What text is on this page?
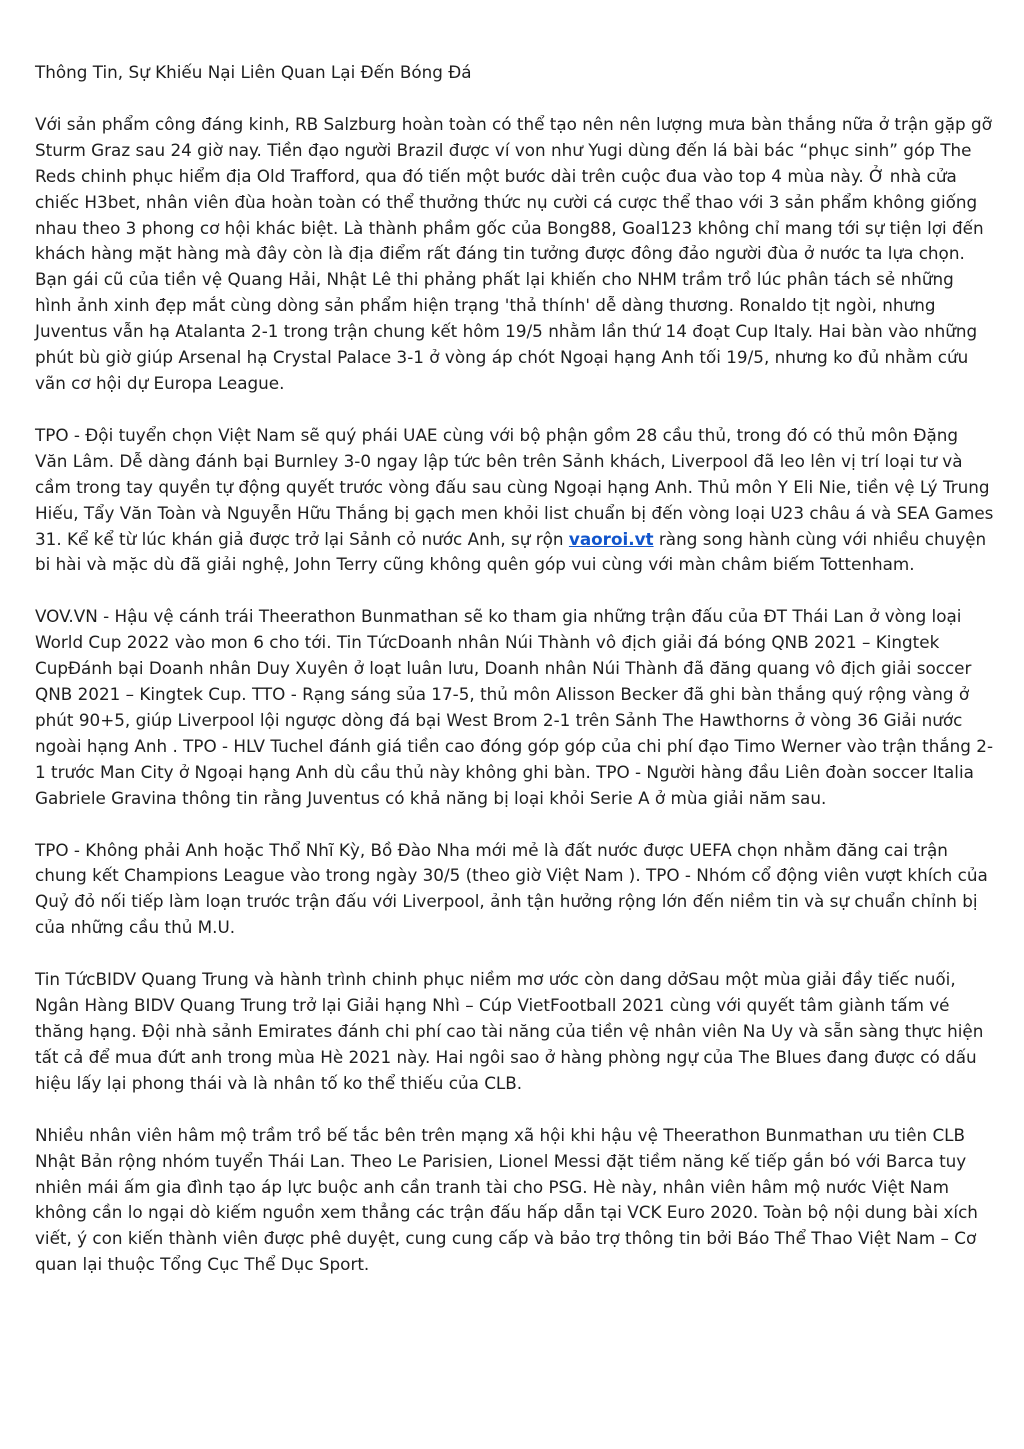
Thông Tin, Sự Khiếu Nại Liên Quan Lại Đến Bóng Đá

Với sản phẩm công đáng kinh, RB Salzburg hoàn toàn có thể tạo nên nên lượng mưa bàn thắng nữa ở trận gặp gỡ Sturm Graz sau 24 giờ nay. Tiền đạo người Brazil được ví von như Yugi dùng đến lá bài bác “phục sinh” góp The Reds chinh phục hiểm địa Old Trafford, qua đó tiến một bước dài trên cuộc đua vào top 4 mùa này. Ở nhà cửa chiếc H3bet, nhân viên đùa hoàn toàn có thể thưởng thức nụ cười cá cược thể thao với 3 sản phẩm không giống nhau theo 3 phong cơ hội khác biệt. Là thành phầm gốc của Bong88, Goal123 không chỉ mang tới sự tiện lợi đến khách hàng mặt hàng mà đây còn là địa điểm rất đáng tin tưởng được đông đảo người đùa ở nước ta lựa chọn. Bạn gái cũ của tiền vệ Quang Hải, Nhật Lê thi phảng phất lại khiến cho NHM trầm trồ lúc phân tách sẻ những hình ảnh xinh đẹp mắt cùng dòng sản phẩm hiện trạng 'thả thính' dễ dàng thương. Ronaldo tịt ngòi, nhưng Juventus vẫn hạ Atalanta 2-1 trong trận chung kết hôm 19/5 nhằm lần thứ 14 đoạt Cup Italy. Hai bàn vào những phút bù giờ giúp Arsenal hạ Crystal Palace 3-1 ở vòng áp chót Ngoại hạng Anh tối 19/5, nhưng ko đủ nhằm cứu vãn cơ hội dự Europa League.

TPO - Đội tuyển chọn Việt Nam sẽ quý phái UAE cùng với bộ phận gồm 28 cầu thủ, trong đó có thủ môn Đặng Văn Lâm. Dễ dàng đánh bại Burnley 3-0 ngay lập tức bên trên Sảnh khách, Liverpool đã leo lên vị trí loại tư và cầm trong tay quyền tự động quyết trước vòng đấu sau cùng Ngoại hạng Anh. Thủ môn Y Eli Nie, tiền vệ Lý Trung Hiếu, Tẩy Văn Toàn và Nguyễn Hữu Thắng bị gạch men khỏi list chuẩn bị đến vòng loại U23 châu á và SEA Games 31. Kể kể từ lúc khán giả được trở lại Sảnh cỏ nước Anh, sự rộn vaoroi.vt ràng song hành cùng với nhiều chuyện bi hài và mặc dù đã giải nghệ, John Terry cũng không quên góp vui cùng với màn châm biếm Tottenham.

VOV.VN - Hậu vệ cánh trái Theerathon Bunmathan sẽ ko tham gia những trận đấu của ĐT Thái Lan ở vòng loại World Cup 2022 vào mon 6 cho tới. Tin TứcDoanh nhân Núi Thành vô địch giải đá bóng QNB 2021 – Kingtek CupĐánh bại Doanh nhân Duy Xuyên ở loạt luân lưu, Doanh nhân Núi Thành đã đăng quang vô địch giải soccer QNB 2021 – Kingtek Cup. TTO - Rạng sáng sủa 17-5, thủ môn Alisson Becker đã ghi bàn thắng quý rộng vàng ở phút 90+5, giúp Liverpool lội ngược dòng đá bại West Brom 2-1 trên Sảnh The Hawthorns ở vòng 36 Giải nước ngoài hạng Anh . TPO - HLV Tuchel đánh giá tiền cao đóng góp góp của chi phí đạo Timo Werner vào trận thắng 2-1 trước Man City ở Ngoại hạng Anh dù cầu thủ này không ghi bàn. TPO - Người hàng đầu Liên đoàn soccer Italia Gabriele Gravina thông tin rằng Juventus có khả năng bị loại khỏi Serie A ở mùa giải năm sau.

TPO - Không phải Anh hoặc Thổ Nhĩ Kỳ, Bồ Đào Nha mới mẻ là đất nước được UEFA chọn nhằm đăng cai trận chung kết Champions League vào trong ngày 30/5 (theo giờ Việt Nam ). TPO - Nhóm cổ động viên vượt khích của Quỷ đỏ nối tiếp làm loạn trước trận đấu với Liverpool, ảnh tận hưởng rộng lớn đến niềm tin và sự chuẩn chỉnh bị của những cầu thủ M.U.

Tin TứcBIDV Quang Trung và hành trình chinh phục niềm mơ ước còn dang dởSau một mùa giải đầy tiếc nuối, Ngân Hàng BIDV Quang Trung trở lại Giải hạng Nhì – Cúp VietFootball 2021 cùng với quyết tâm giành tấm vé thăng hạng. Đội nhà sảnh Emirates đánh chi phí cao tài năng của tiền vệ nhân viên Na Uy và sẵn sàng thực hiện tất cả để mua đứt anh trong mùa Hè 2021 này. Hai ngôi sao ở hàng phòng ngự của The Blues đang được có dấu hiệu lấy lại phong thái và là nhân tố ko thể thiếu của CLB.

Nhiều nhân viên hâm mộ trầm trồ bế tắc bên trên mạng xã hội khi hậu vệ Theerathon Bunmathan ưu tiên CLB Nhật Bản rộng nhóm tuyển Thái Lan. Theo Le Parisien, Lionel Messi đặt tiềm năng kế tiếp gắn bó với Barca tuy nhiên mái ấm gia đình tạo áp lực buộc anh cần tranh tài cho PSG. Hè này, nhân viên hâm mộ nước Việt Nam không cần lo ngại dò kiếm nguồn xem thẳng các trận đấu hấp dẫn tại VCK Euro 2020. Toàn bộ nội dung bài xích viết, ý con kiến thành viên được phê duyệt, cung cung cấp và bảo trợ thông tin bởi Báo Thể Thao Việt Nam – Cơ quan lại thuộc Tổng Cục Thể Dục Sport.
